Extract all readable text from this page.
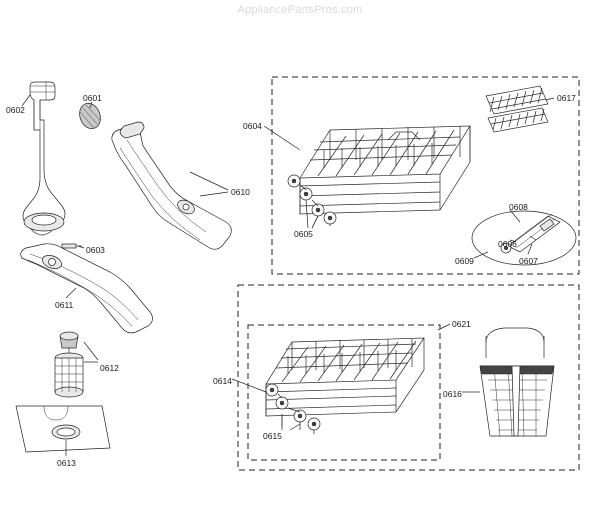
AppliancePartsPros.com
0602
0601
0604
0617
0610
0608
0605
0606
0607
0609
0603
0611
0612
0621
0614
0616
0615
0613
